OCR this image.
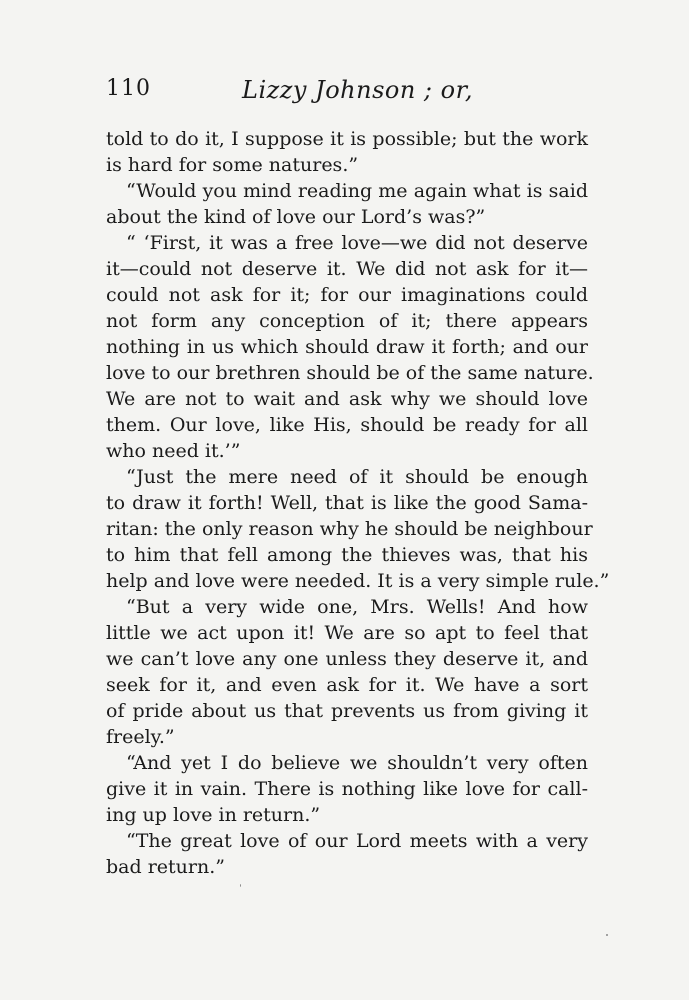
110	Lizzy Johnson ; or,
told to do it, I suppose it is possible; but the work
is hard for some natures.”
“Would you mind reading me again what is said
about the kind of love our Lord’s was?”
“ ‘First, it was a free love—we did not deserve
it—could not deserve it. We did not ask for it—
could not ask for it; for our imaginations could
not form any conception of it; there appears
nothing in us which should draw it forth; and our
love to our brethren should be of the same nature.
We are not to wait and ask why we should love
them. Our love, like His, should be ready for all
who need it.’”
“Just the mere need of it should be enough
to draw it forth! Well, that is like the good Sama-
ritan: the only reason why he should be neighbour
to him that fell among the thieves was, that his
help and love were needed. It is a very simple rule.”
“But a very wide one, Mrs. Wells! And how
little we act upon it! We are so apt to feel that
we can’t love any one unless they deserve it, and
seek for it, and even ask for it. We have a sort
of pride about us that prevents us from giving it
freely.”
“And yet I do believe we shouldn’t very often
give it in vain. There is nothing like love for call-
ing up love in return.”
“The great love of our Lord meets with a very
bad return.”
